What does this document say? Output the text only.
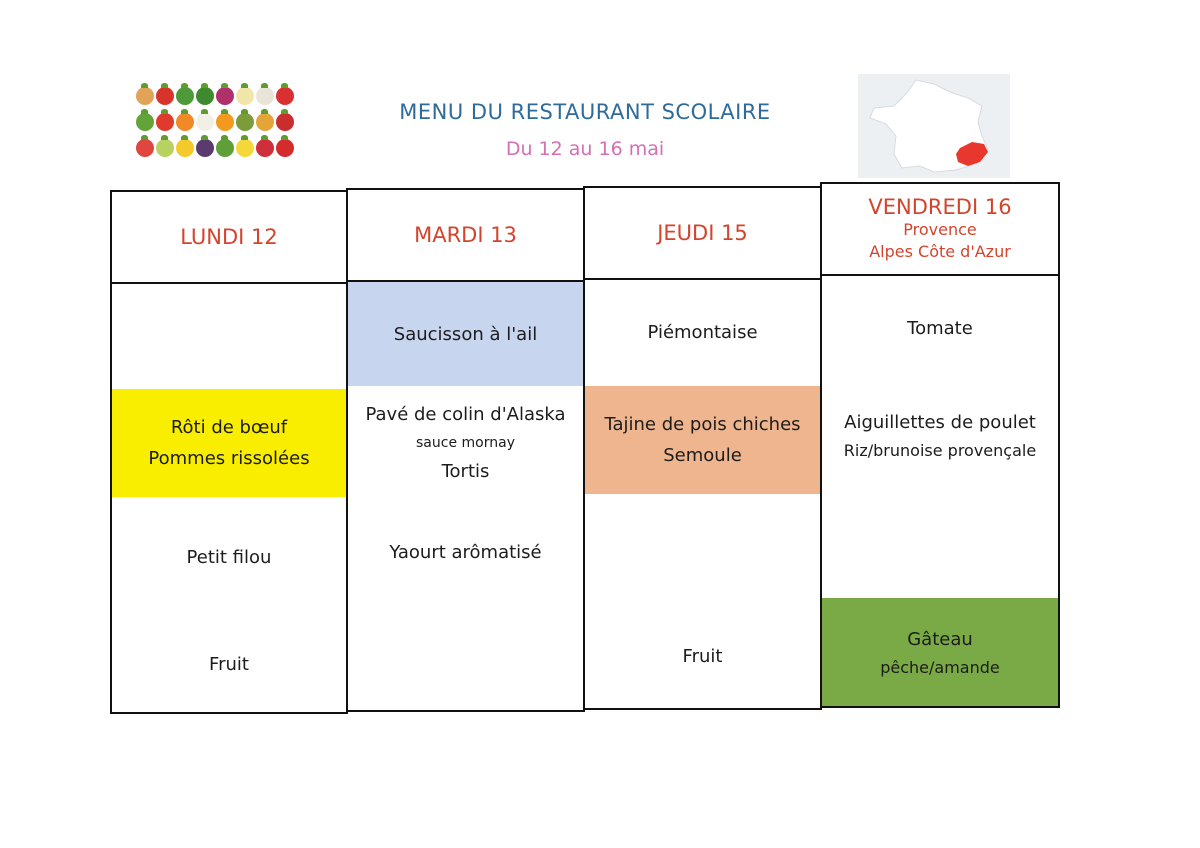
MENU DU RESTAURANT SCOLAIRE
Du 12 au 16 mai
LUNDI 12
Rôti de bœuf
Pommes rissolées
Petit filou
Fruit
MARDI 13
Saucisson à l'ail
Pavé de colin d'Alaska
sauce mornay
Tortis
Yaourt arômatisé
JEUDI 15
Piémontaise
Tajine de pois chiches
Semoule
Fruit
VENDREDI 16
Provence
Alpes Côte d'Azur
Tomate
Aiguillettes de poulet
Riz/brunoise provençale
Gâteau
pêche/amande
